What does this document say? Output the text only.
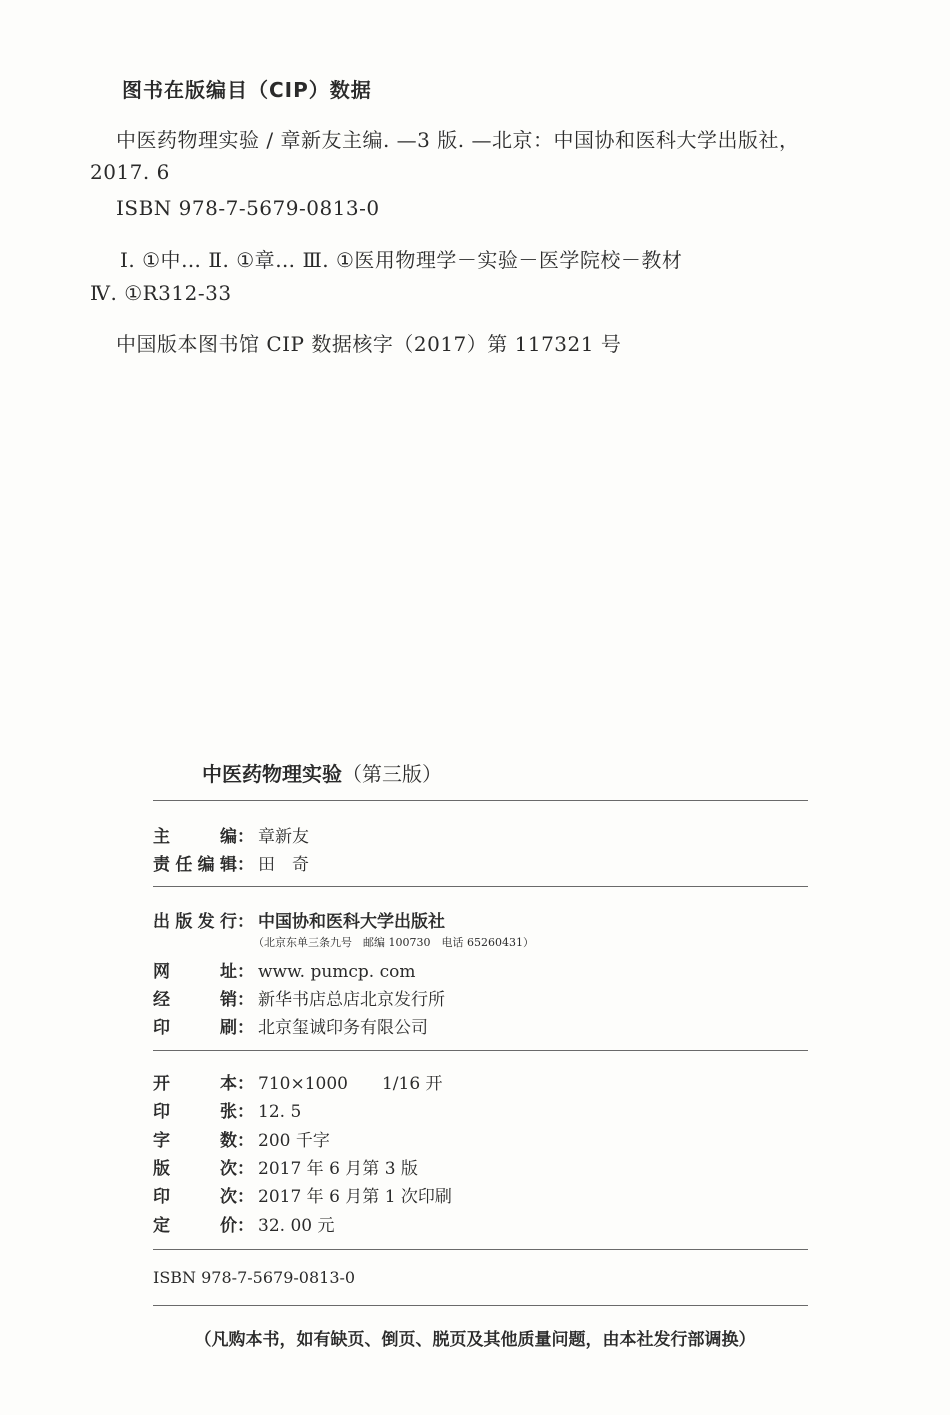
图书在版编目（CIP）数据
中医药物理实验 / 章新友主编. —3 版. —北京：中国协和医科大学出版社，
2017. 6
ISBN 978-7-5679-0813-0
Ⅰ. ①中… Ⅱ. ①章… Ⅲ. ①医用物理学－实验－医学院校－教材
Ⅳ. ①R312-33
中国版本图书馆 CIP 数据核字（2017）第 117321 号
中医药物理实验（第三版）
主编 ： 章新友
责任编辑 ： 田　奇
出版发行 ： 中国协和医科大学出版社
（北京东单三条九号　邮编 100730　电话 65260431）
网址 ： www. pumcp. com
经销 ： 新华书店总店北京发行所
印刷 ： 北京玺诚印务有限公司
开本 ： 710×1000　　1/16 开
印张 ： 12. 5
字数 ： 200 千字
版次 ： 2017 年 6 月第 3 版
印次 ： 2017 年 6 月第 1 次印刷
定价 ： 32. 00 元
ISBN 978-7-5679-0813-0
（凡购本书，如有缺页、倒页、脱页及其他质量问题，由本社发行部调换）
